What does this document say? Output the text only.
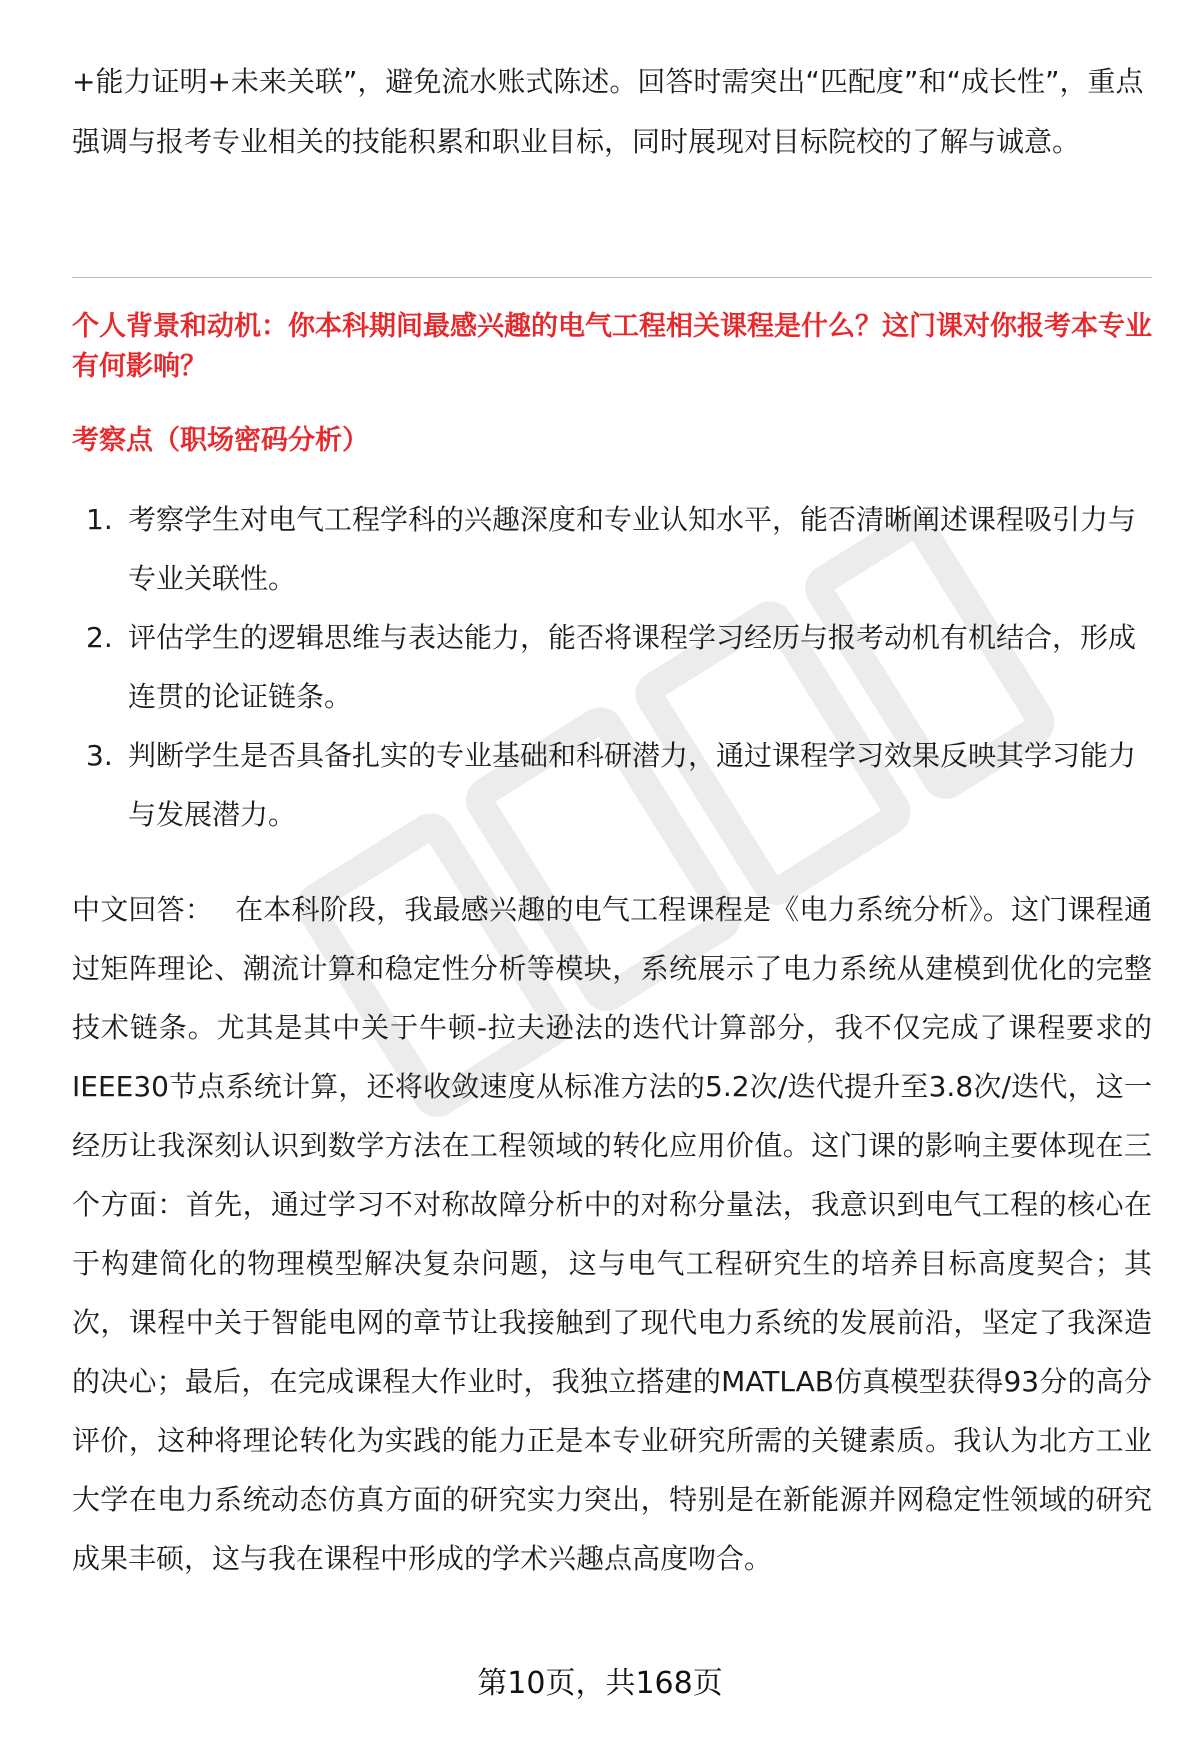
+能力证明+未来关联”，避免流水账式陈述。回答时需突出“匹配度”和“成长性”，重点强调与报考专业相关的技能积累和职业目标，同时展现对目标院校的了解与诚意。

个人背景和动机：你本科期间最感兴趣的电气工程相关课程是什么？这门课对你报考本专业有何影响？
考察点（职场密码分析）
1. 考察学生对电气工程学科的兴趣深度和专业认知水平，能否清晰阐述课程吸引力与专业关联性。
2. 评估学生的逻辑思维与表达能力，能否将课程学习经历与报考动机有机结合，形成连贯的论证链条。
3. 判断学生是否具备扎实的专业基础和科研潜力，通过课程学习效果反映其学习能力与发展潜力。

中文回答： 在本科阶段，我最感兴趣的电气工程课程是《电力系统分析》。这门课程通过矩阵理论、潮流计算和稳定性分析等模块，系统展示了电力系统从建模到优化的完整技术链条。尤其是其中关于牛顿-拉夫逊法的迭代计算部分，我不仅完成了课程要求的IEEE30节点系统计算，还将收敛速度从标准方法的5.2次/迭代提升至3.8次/迭代，这一经历让我深刻认识到数学方法在工程领域的转化应用价值。这门课的影响主要体现在三个方面：首先，通过学习不对称故障分析中的对称分量法，我意识到电气工程的核心在于构建简化的物理模型解决复杂问题，这与电气工程研究生的培养目标高度契合；其次，课程中关于智能电网的章节让我接触到了现代电力系统的发展前沿，坚定了我深造的决心；最后，在完成课程大作业时，我独立搭建的MATLAB仿真模型获得93分的高分评价，这种将理论转化为实践的能力正是本专业研究所需的关键素质。我认为北方工业大学在电力系统动态仿真方面的研究实力突出，特别是在新能源并网稳定性领域的研究成果丰硕，这与我在课程中形成的学术兴趣点高度吻合。

第10页，共168页
